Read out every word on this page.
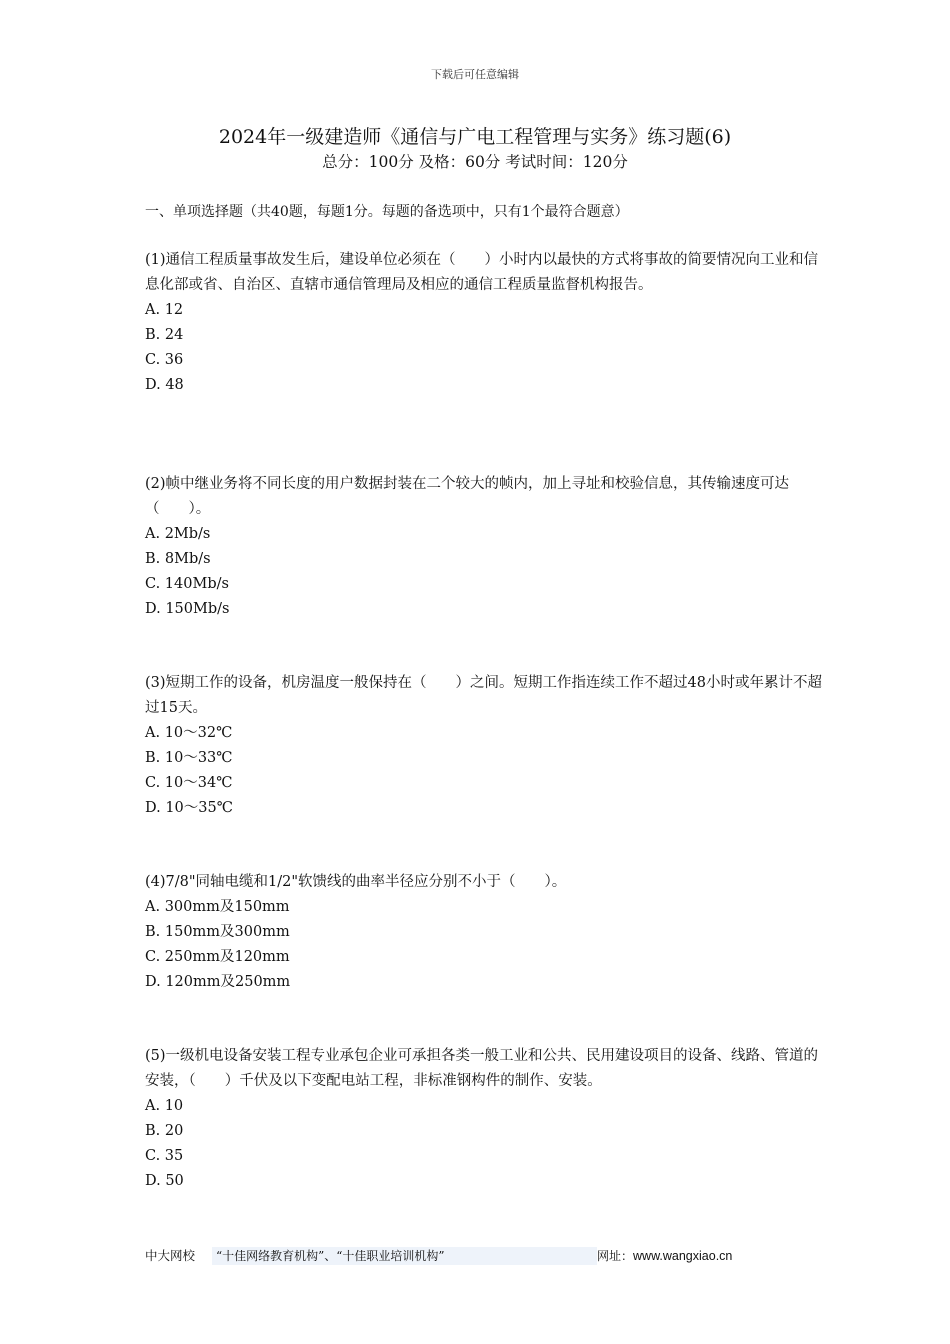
下载后可任意编辑
2024年一级建造师《通信与广电工程管理与实务》练习题(6)
总分：100分 及格：60分 考试时间：120分
一、单项选择题（共40题，每题1分。每题的备选项中，只有1个最符合题意）

(1)通信工程质量事故发生后，建设单位必须在（　　）小时内以最快的方式将事故的简要情况向工业和信息化部或省、自治区、直辖市通信管理局及相应的通信工程质量监督机构报告。

A. 12
B. 24
C. 36
D. 48

(2)帧中继业务将不同长度的用户数据封装在二个较大的帧内，加上寻址和校验信息，其传输速度可达（　　）。

A. 2Mb/s
B. 8Mb/s
C. 140Mb/s
D. 150Mb/s

(3)短期工作的设备，机房温度一般保持在（　　）之间。短期工作指连续工作不超过48小时或年累计不超过15天。

A. 10～32℃
B. 10～33℃
C. 10～34℃
D. 10～35℃

(4)7/8"同轴电缆和1/2"软馈线的曲率半径应分别不小于（　　）。

A. 300mm及150mm
B. 150mm及300mm
C. 250mm及120mm
D. 120mm及250mm

(5)一级机电设备安装工程专业承包企业可承担各类一般工业和公共、民用建设项目的设备、线路、管道的安装，（　　）千伏及以下变配电站工程，非标准钢构件的制作、安装。

A. 10
B. 20
C. 35
D. 50
中大网校	“十佳网络教育机构”、“十佳职业培训机构”	网址：www.wangxiao.cn
